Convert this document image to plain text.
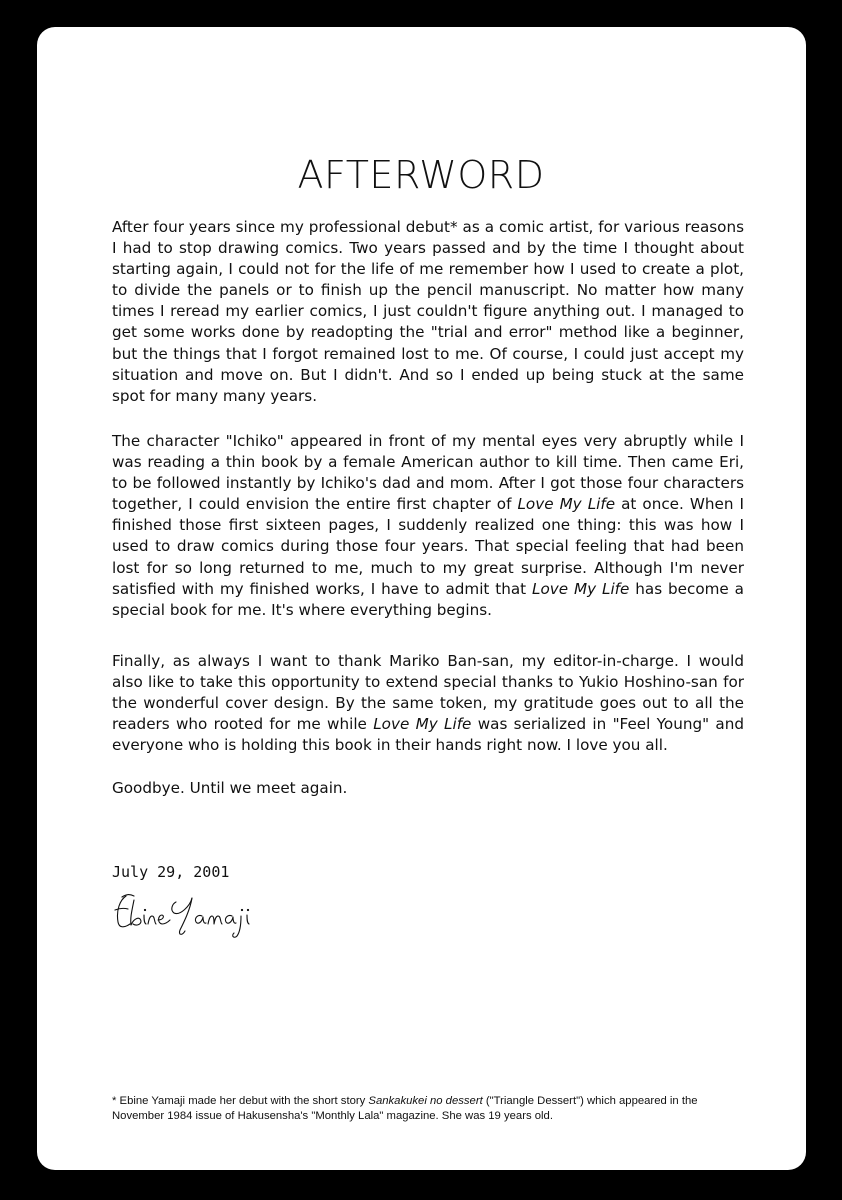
AFTERWORD

After four years since my professional debut* as a comic artist, for various reasons I had to stop drawing comics. Two years passed and by the time I thought about starting again, I could not for the life of me remember how I used to create a plot, to divide the panels or to finish up the pencil manuscript. No matter how many times I reread my earlier comics, I just couldn't figure anything out. I managed to get some works done by readopting the "trial and error" method like a beginner, but the things that I forgot remained lost to me. Of course, I could just accept my situation and move on. But I didn't. And so I ended up being stuck at the same spot for many many years.

The character "Ichiko" appeared in front of my mental eyes very abruptly while I was reading a thin book by a female American author to kill time. Then came Eri, to be followed instantly by Ichiko's dad and mom. After I got those four characters together, I could envision the entire first chapter of Love My Life at once. When I finished those first sixteen pages, I suddenly realized one thing: this was how I used to draw comics during those four years. That special feeling that had been lost for so long returned to me, much to my great surprise. Although I'm never satisfied with my finished works, I have to admit that Love My Life has become a special book for me. It's where everything begins.

Finally, as always I want to thank Mariko Ban-san, my editor-in-charge. I would also like to take this opportunity to extend special thanks to Yukio Hoshino-san for the wonderful cover design. By the same token, my gratitude goes out to all the readers who rooted for me while Love My Life was serialized in "Feel Young" and everyone who is holding this book in their hands right now. I love you all.

Goodbye. Until we meet again.

July 29, 2001

* Ebine Yamaji made her debut with the short story Sankakukei no dessert ("Triangle Dessert") which appeared in the November 1984 issue of Hakusensha's "Monthly Lala" magazine. She was 19 years old.
